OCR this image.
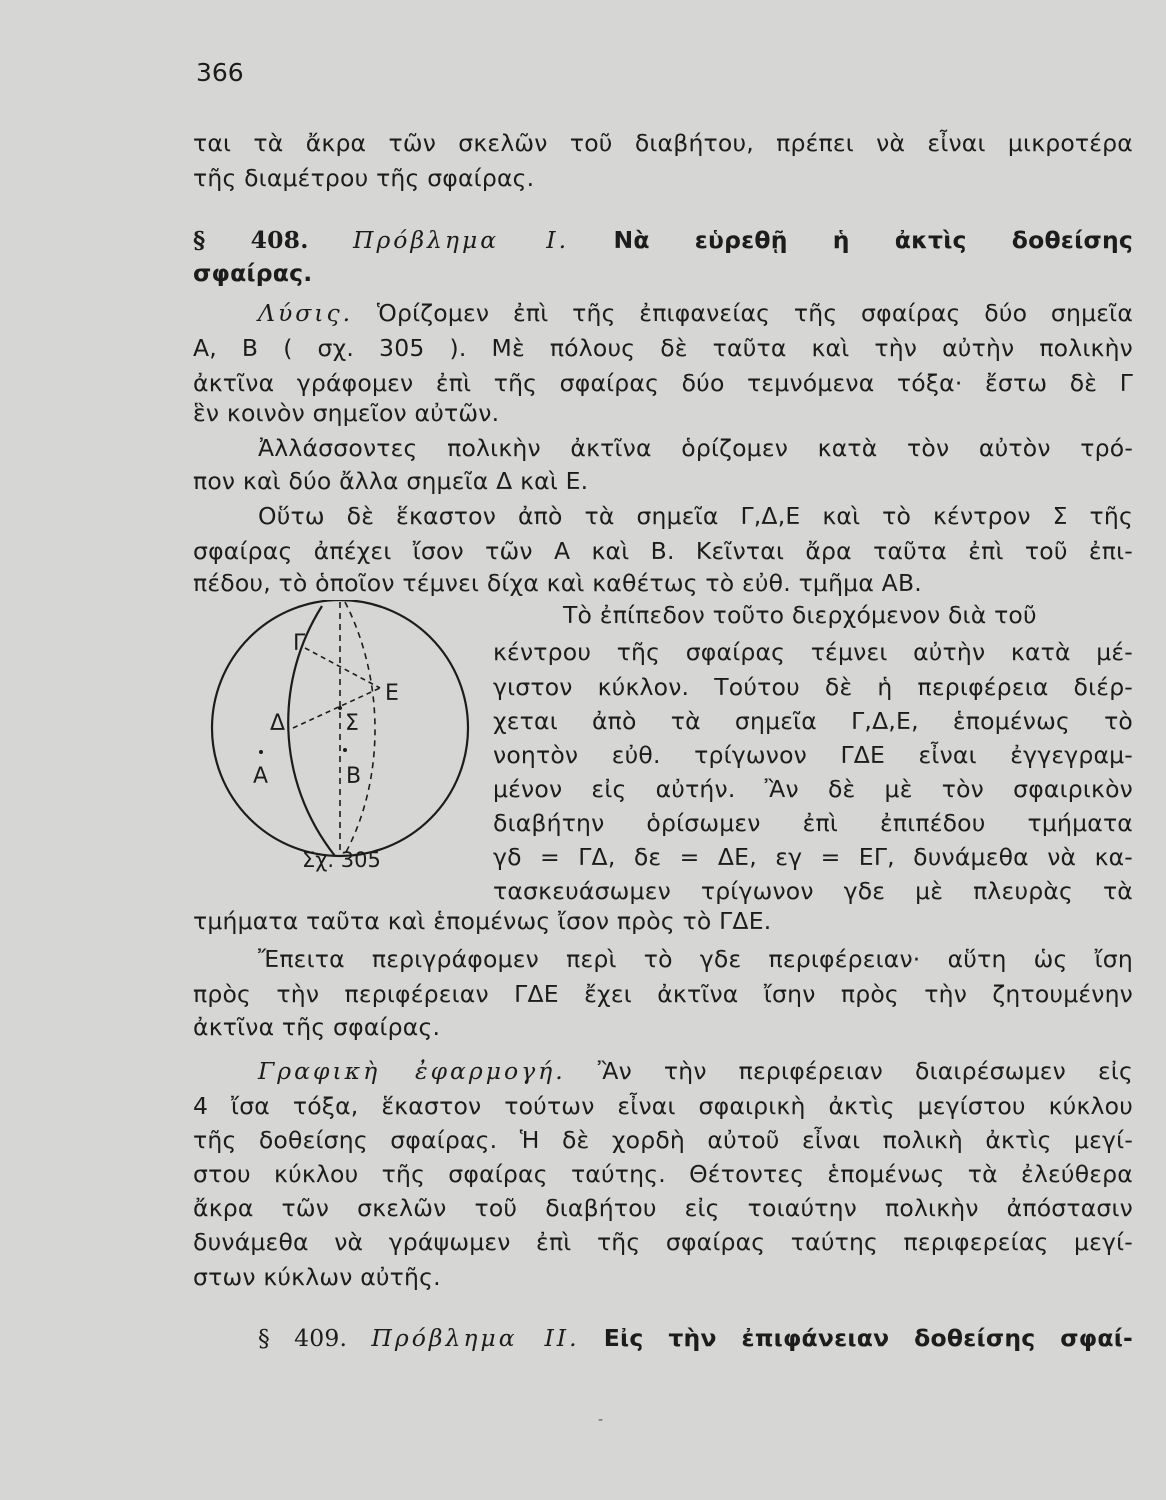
366
ται τὰ ἄκρα τῶν σκελῶν τοῦ διαβήτου, πρέπει νὰ εἶναι μικροτέρα
τῆς διαμέτρου τῆς σφαίρας.
§ 408. Πρόβλημα Ι. Νὰ εὑρεθῇ ἡ ἀκτὶς δοθείσης
σφαίρας.
Λύσις. Ὁρίζομεν ἐπὶ τῆς ἐπιφανείας τῆς σφαίρας δύο σημεῖα
Α, Β ( σχ. 305 ). Μὲ πόλους δὲ ταῦτα καὶ τὴν αὐτὴν πολικὴν
ἀκτῖνα γράφομεν ἐπὶ τῆς σφαίρας δύο τεμνόμενα τόξα· ἔστω δὲ Γ
ἓν κοινὸν σημεῖον αὐτῶν.
Ἀλλάσσοντες πολικὴν ἀκτῖνα ὁρίζομεν κατὰ τὸν αὐτὸν τρό-
πον καὶ δύο ἄλλα σημεῖα Δ καὶ Ε.
Οὕτω δὲ ἕκαστον ἀπὸ τὰ σημεῖα Γ,Δ,Ε καὶ τὸ κέντρον Σ τῆς
σφαίρας ἀπέχει ἴσον τῶν Α καὶ Β. Κεῖνται ἄρα ταῦτα ἐπὶ τοῦ ἐπι-
πέδου, τὸ ὁποῖον τέμνει δίχα καὶ καθέτως τὸ εὐθ. τμῆμα ΑΒ.
Γ
Ε
Δ	Σ
Α	Β
Σχ. 305
Τὸ ἐπίπεδον τοῦτο διερχόμενον διὰ τοῦ
κέντρου τῆς σφαίρας τέμνει αὐτὴν κατὰ μέ-
γιστον κύκλον. Τούτου δὲ ἡ περιφέρεια διέρ-
χεται ἀπὸ τὰ σημεῖα Γ,Δ,Ε, ἑπομένως τὸ
νοητὸν εὐθ. τρίγωνον ΓΔΕ εἶναι ἐγγεγραμ-
μένον εἰς αὐτήν. Ἂν δὲ μὲ τὸν σφαιρικὸν
διαβήτην ὁρίσωμεν ἐπὶ ἐπιπέδου τμήματα
γδ = ΓΔ, δε = ΔΕ, εγ = ΕΓ, δυνάμεθα νὰ κα-
τασκευάσωμεν τρίγωνον γδε μὲ πλευρὰς τὰ
τμήματα ταῦτα καὶ ἑπομένως ἴσον πρὸς τὸ ΓΔΕ.
Ἔπειτα περιγράφομεν περὶ τὸ γδε περιφέρειαν· αὕτη ὡς ἴση
πρὸς τὴν περιφέρειαν ΓΔΕ ἔχει ἀκτῖνα ἴσην πρὸς τὴν ζητουμένην
ἀκτῖνα τῆς σφαίρας.
Γραφικὴ ἐφαρμογή. Ἂν τὴν περιφέρειαν διαιρέσωμεν εἰς
4 ἴσα τόξα, ἕκαστον τούτων εἶναι σφαιρικὴ ἀκτὶς μεγίστου κύκλου
τῆς δοθείσης σφαίρας. Ἡ δὲ χορδὴ αὐτοῦ εἶναι πολικὴ ἀκτὶς μεγί-
στου κύκλου τῆς σφαίρας ταύτης. Θέτοντες ἑπομένως τὰ ἐλεύθερα
ἄκρα τῶν σκελῶν τοῦ διαβήτου εἰς τοιαύτην πολικὴν ἀπόστασιν
δυνάμεθα νὰ γράψωμεν ἐπὶ τῆς σφαίρας ταύτης περιφερείας μεγί-
στων κύκλων αὐτῆς.
§ 409. Πρόβλημα ΙΙ. Εἰς τὴν ἐπιφάνειαν δοθείσης σφαί-
-
